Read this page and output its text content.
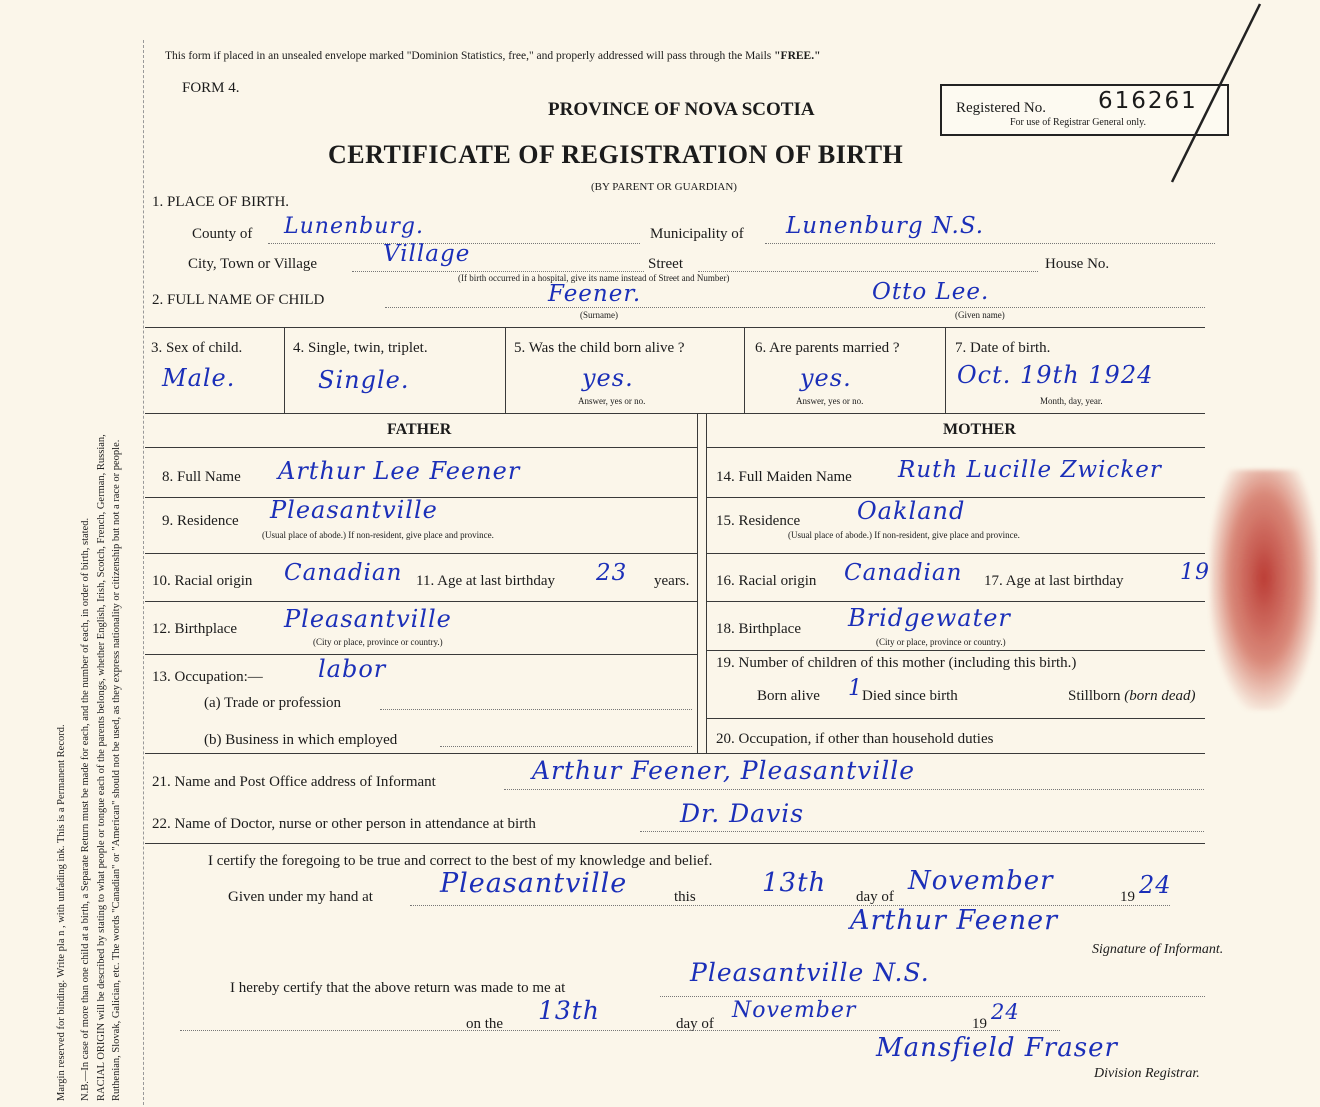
Margin reserved for binding. Write pla n , with unfading ink. This is a Permanent Record. N.B.—In case of more than one child at a birth, a Separate Return must be made for each, and the number of each, in order of birth, stated. RACIAL ORIGIN will be described by stating to what people or tongue each of the parents belongs, whether English, Irish, Scotch, French, German, Russian, Ruthenian, Slovak, Galician, etc. The words "Canadian" or "American" should not be used, as they express nationality or citizenship but not a race or people.
This form if placed in an unsealed envelope marked "Dominion Statistics, free," and properly addressed will pass through the Mails "FREE."
FORM 4.
PROVINCE OF NOVA SCOTIA
CERTIFICATE OF REGISTRATION OF BIRTH
(BY PARENT OR GUARDIAN)
Registered No. 616261
For use of Registrar General only.
1. PLACE OF BIRTH.
County of Lunenburg.	Municipality of Lunenburg N.S.
City, Town or Village	Village	Street	House No.
(If birth occurred in a hospital, give its name instead of Street and Number)
2. FULL NAME OF CHILD	Feener.	Otto Lee.
(Surname)	(Given name)
3. Sex of child.
Male.
4. Single, twin, triplet.
Single.
5. Was the child born alive ?
yes.
Answer, yes or no.
6. Are parents married ?
yes.
Answer, yes or no.
7. Date of birth.
Oct. 19th 1924
Month, day, year.
FATHER	MOTHER
8. Full Name Arthur Lee Feener
9. Residence Pleasantville
(Usual place of abode.) If non-resident, give place and province.
10. Racial origin Canadian 11. Age at last birthday 23 years.
12. Birthplace Pleasantville
(City or place, province or country.)
13. Occupation:— labor
(a) Trade or profession
(b) Business in which employed
14. Full Maiden Name Ruth Lucille Zwicker
15. Residence Oakland
(Usual place of abode.) If non-resident, give place and province.
16. Racial origin Canadian 17. Age at last birthday	19
18. Birthplace Bridgewater
(City or place, province or country.)
19. Number of children of this mother (including this birth.)
Born alive 1 Died since birth	Stillborn (born dead)
20. Occupation, if other than household duties
21. Name and Post Office address of Informant	Arthur Feener, Pleasantville
22. Name of Doctor, nurse or other person in attendance at birth	Dr. Davis
I certify the foregoing to be true and correct to the best of my knowledge and belief.
Given under my hand at Pleasantville	this	13th day of
November
19 24
Arthur Feener
Signature of Informant.
I hereby certify that the above return was made to me at
Pleasantville N.S.
on the 13th	day of
November
19 24
Mansfield Fraser
Division Registrar.
